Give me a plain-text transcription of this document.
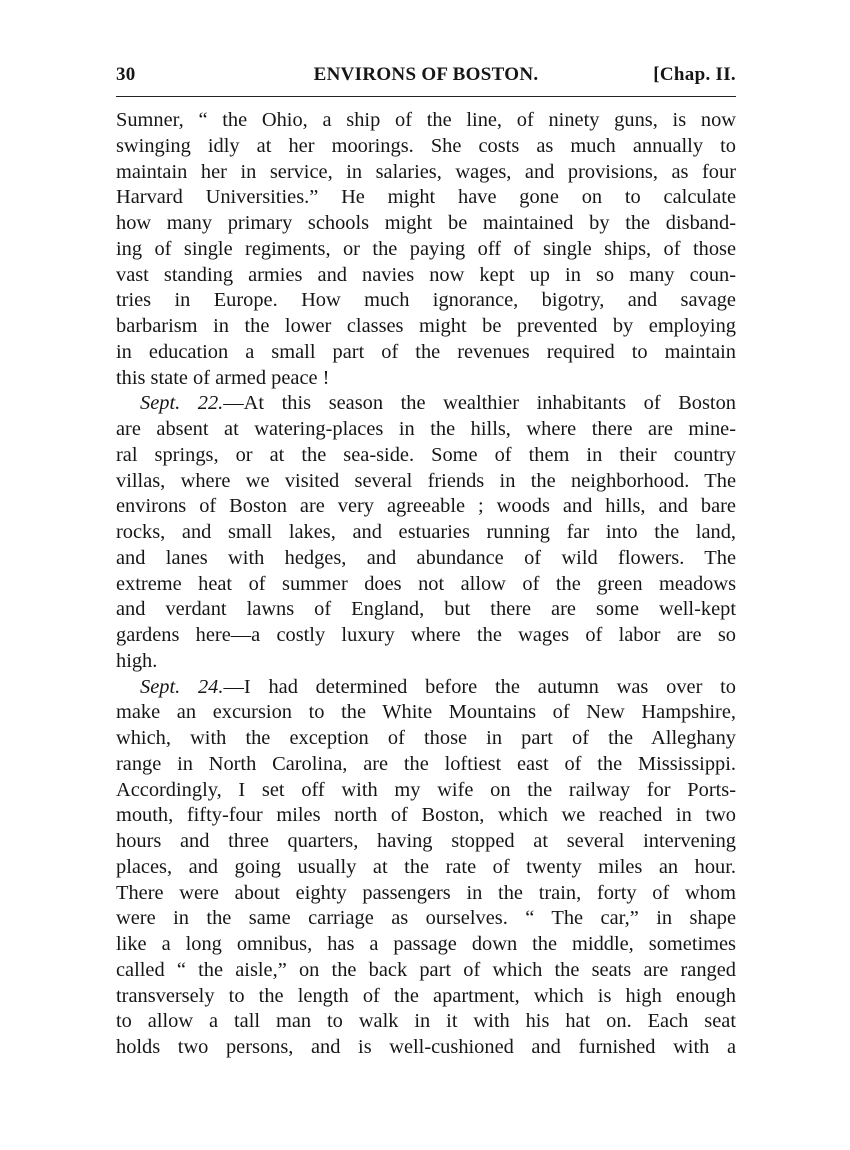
30	ENVIRONS OF BOSTON.	[Chap. II.

Sumner, “ the Ohio, a ship of the line, of ninety guns, is now
swinging idly at her moorings. She costs as much annually to
maintain her in service, in salaries, wages, and provisions, as four
Harvard Universities.” He might have gone on to calculate
how many primary schools might be maintained by the disband-
ing of single regiments, or the paying off of single ships, of those
vast standing armies and navies now kept up in so many coun-
tries in Europe. How much ignorance, bigotry, and savage
barbarism in the lower classes might be prevented by employing
in education a small part of the revenues required to maintain
this state of armed peace !
Sept. 22.—At this season the wealthier inhabitants of Boston
are absent at watering-places in the hills, where there are mine-
ral springs, or at the sea-side. Some of them in their country
villas, where we visited several friends in the neighborhood. The
environs of Boston are very agreeable ; woods and hills, and bare
rocks, and small lakes, and estuaries running far into the land,
and lanes with hedges, and abundance of wild flowers. The
extreme heat of summer does not allow of the green meadows
and verdant lawns of England, but there are some well-kept
gardens here—a costly luxury where the wages of labor are so
high.
Sept. 24.—I had determined before the autumn was over to
make an excursion to the White Mountains of New Hampshire,
which, with the exception of those in part of the Alleghany
range in North Carolina, are the loftiest east of the Mississippi.
Accordingly, I set off with my wife on the railway for Ports-
mouth, fifty-four miles north of Boston, which we reached in two
hours and three quarters, having stopped at several intervening
places, and going usually at the rate of twenty miles an hour.
There were about eighty passengers in the train, forty of whom
were in the same carriage as ourselves. “ The car,” in shape
like a long omnibus, has a passage down the middle, sometimes
called “ the aisle,” on the back part of which the seats are ranged
transversely to the length of the apartment, which is high enough
to allow a tall man to walk in it with his hat on. Each seat
holds two persons, and is well-cushioned and furnished with a
